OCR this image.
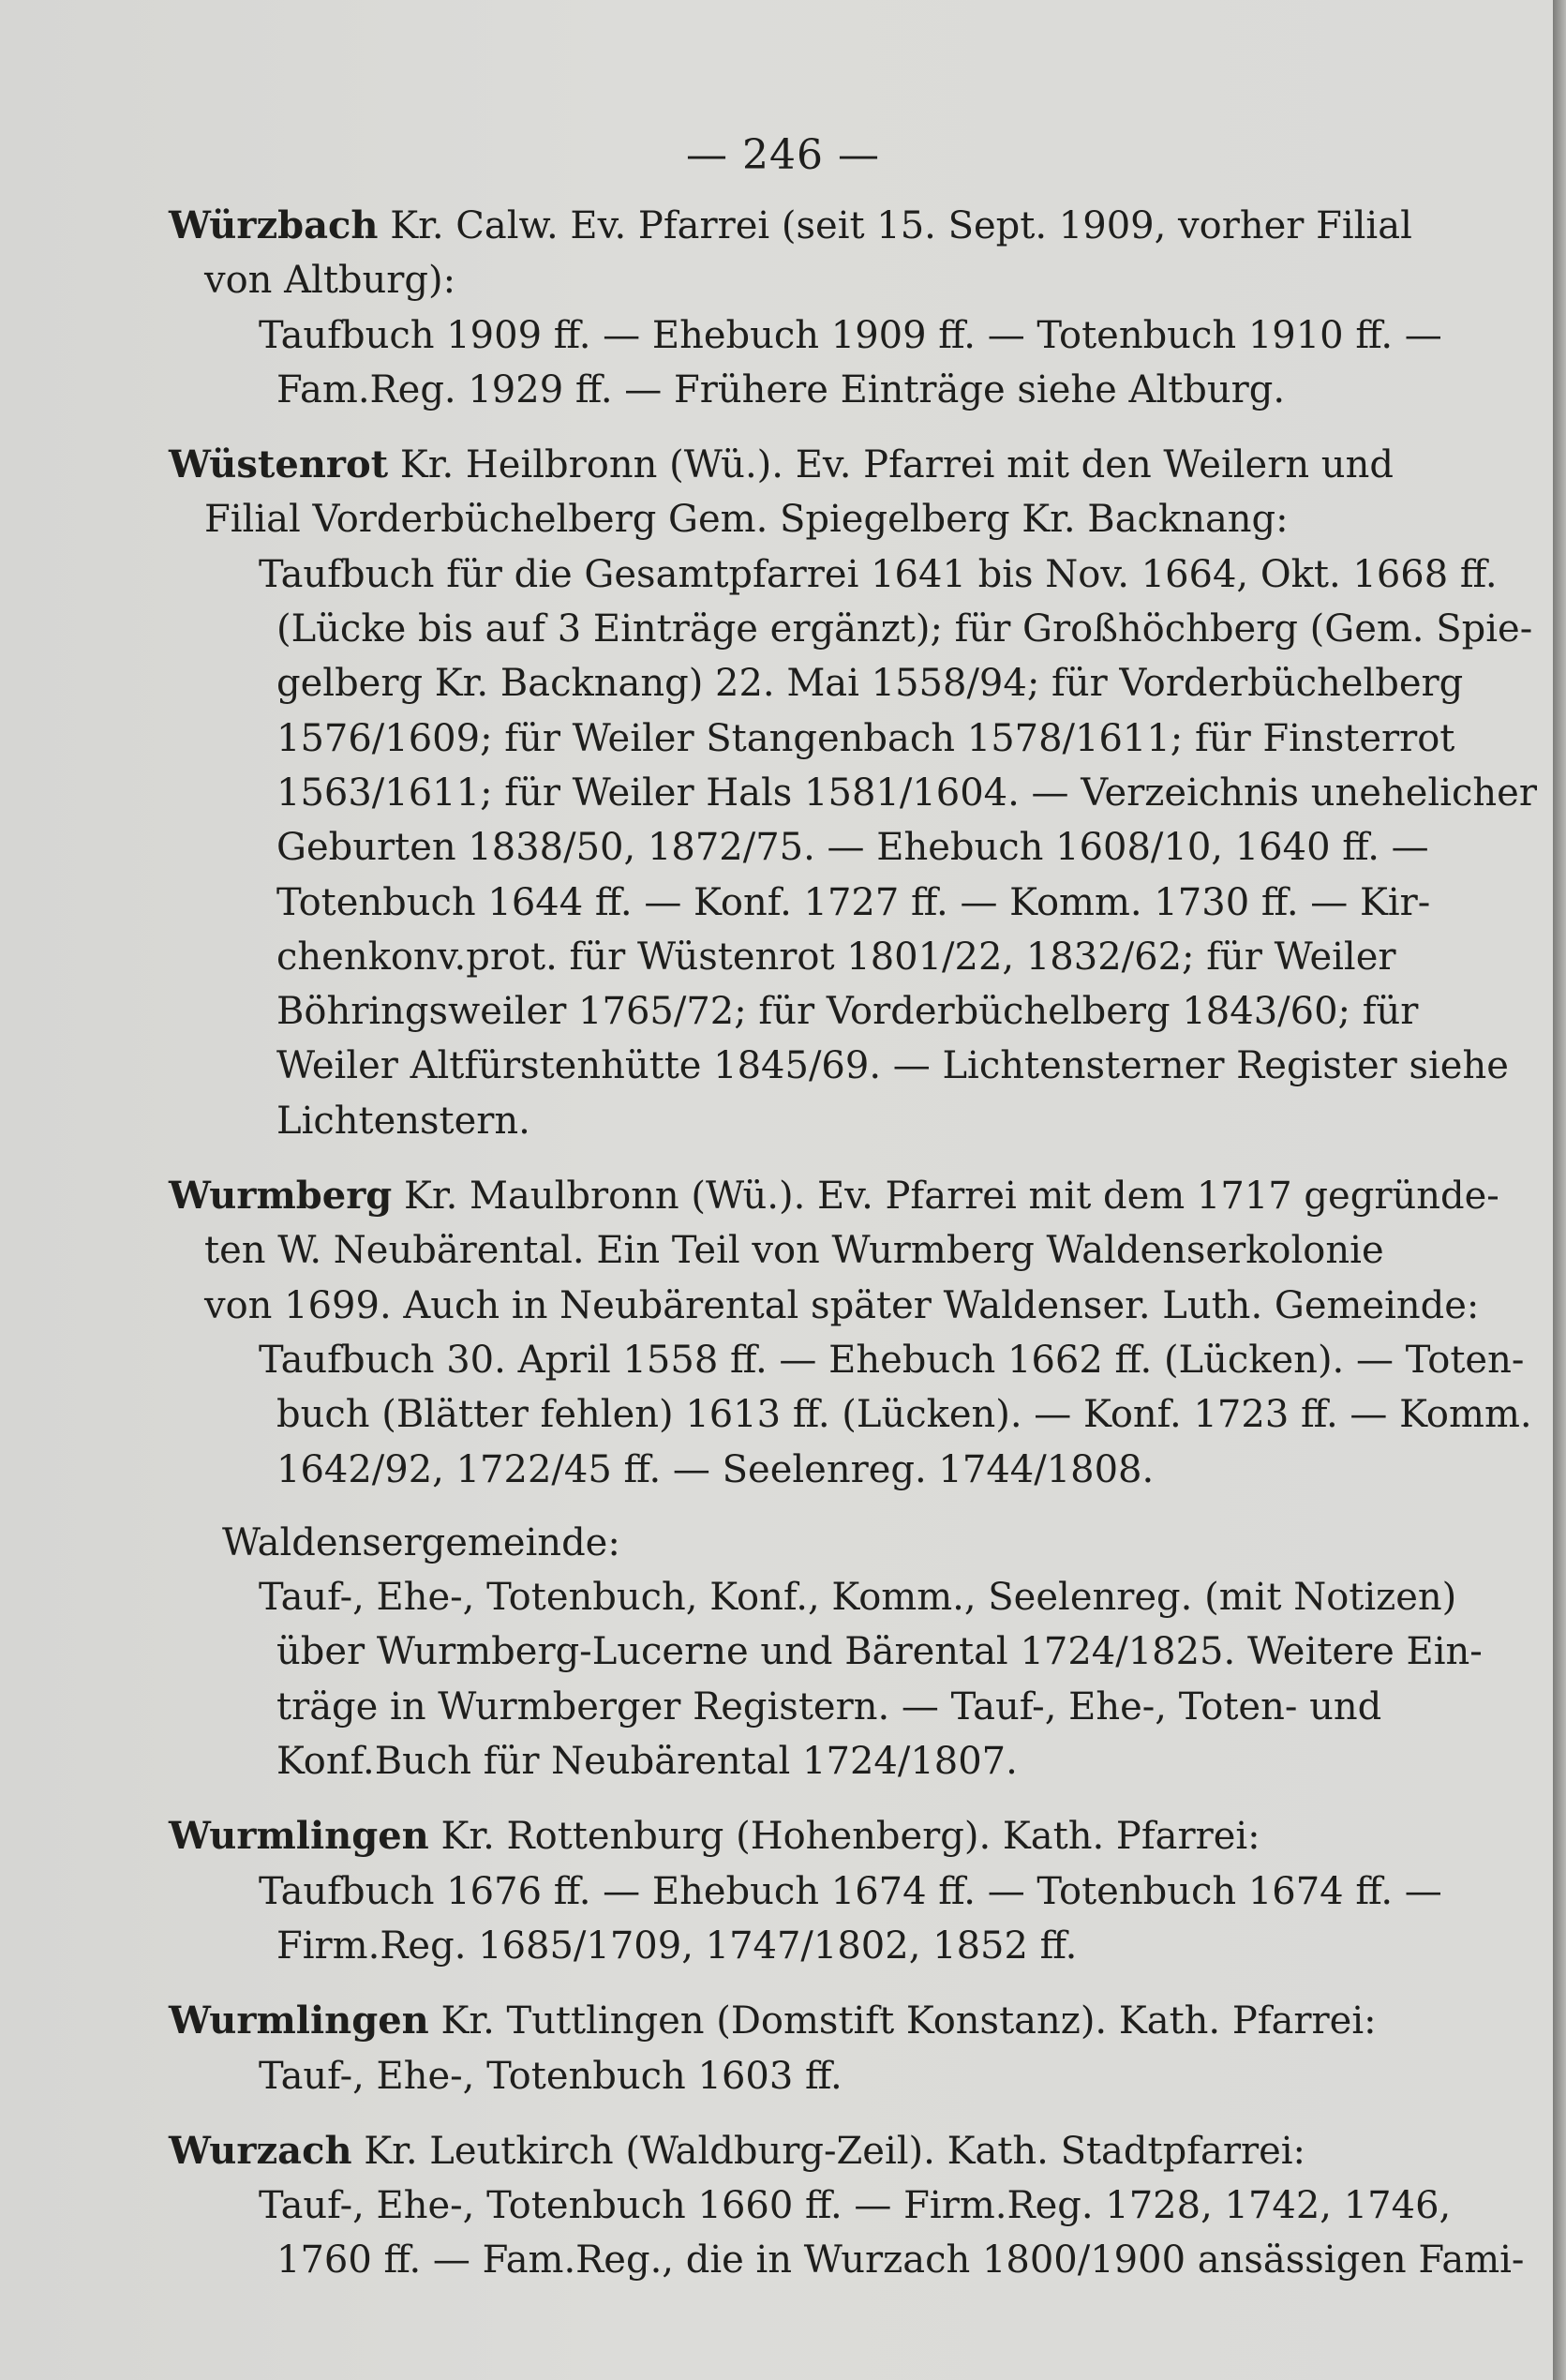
— 246 —

Würzbach Kr. Calw. Ev. Pfarrei (seit 15. Sept. 1909, vorher Filial
von Altburg):
Taufbuch 1909 ff. — Ehebuch 1909 ff. — Totenbuch 1910 ff. —
Fam.Reg. 1929 ff. — Frühere Einträge siehe Altburg.

Wüstenrot Kr. Heilbronn (Wü.). Ev. Pfarrei mit den Weilern und
Filial Vorderbüchelberg Gem. Spiegelberg Kr. Backnang:
Taufbuch für die Gesamtpfarrei 1641 bis Nov. 1664, Okt. 1668 ff.
(Lücke bis auf 3 Einträge ergänzt); für Großhöchberg (Gem. Spie-
gelberg Kr. Backnang) 22. Mai 1558/94; für Vorderbüchelberg
1576/1609; für Weiler Stangenbach 1578/1611; für Finsterrot
1563/1611; für Weiler Hals 1581/1604. — Verzeichnis unehelicher
Geburten 1838/50, 1872/75. — Ehebuch 1608/10, 1640 ff. —
Totenbuch 1644 ff. — Konf. 1727 ff. — Komm. 1730 ff. — Kir-
chenkonv.prot. für Wüstenrot 1801/22, 1832/62; für Weiler
Böhringsweiler 1765/72; für Vorderbüchelberg 1843/60; für
Weiler Altfürstenhütte 1845/69. — Lichtensterner Register siehe
Lichtenstern.

Wurmberg Kr. Maulbronn (Wü.). Ev. Pfarrei mit dem 1717 gegründe-
ten W. Neubärental. Ein Teil von Wurmberg Waldenserkolonie
von 1699. Auch in Neubärental später Waldenser. Luth. Gemeinde:
Taufbuch 30. April 1558 ff. — Ehebuch 1662 ff. (Lücken). — Toten-
buch (Blätter fehlen) 1613 ff. (Lücken). — Konf. 1723 ff. — Komm.
1642/92, 1722/45 ff. — Seelenreg. 1744/1808.
Waldensergemeinde:
Tauf-, Ehe-, Totenbuch, Konf., Komm., Seelenreg. (mit Notizen)
über Wurmberg-Lucerne und Bärental 1724/1825. Weitere Ein-
träge in Wurmberger Registern. — Tauf-, Ehe-, Toten- und
Konf.Buch für Neubärental 1724/1807.

Wurmlingen Kr. Rottenburg (Hohenberg). Kath. Pfarrei:
Taufbuch 1676 ff. — Ehebuch 1674 ff. — Totenbuch 1674 ff. —
Firm.Reg. 1685/1709, 1747/1802, 1852 ff.

Wurmlingen Kr. Tuttlingen (Domstift Konstanz). Kath. Pfarrei:
Tauf-, Ehe-, Totenbuch 1603 ff.

Wurzach Kr. Leutkirch (Waldburg-Zeil). Kath. Stadtpfarrei:
Tauf-, Ehe-, Totenbuch 1660 ff. — Firm.Reg. 1728, 1742, 1746,
1760 ff. — Fam.Reg., die in Wurzach 1800/1900 ansässigen Fami-
